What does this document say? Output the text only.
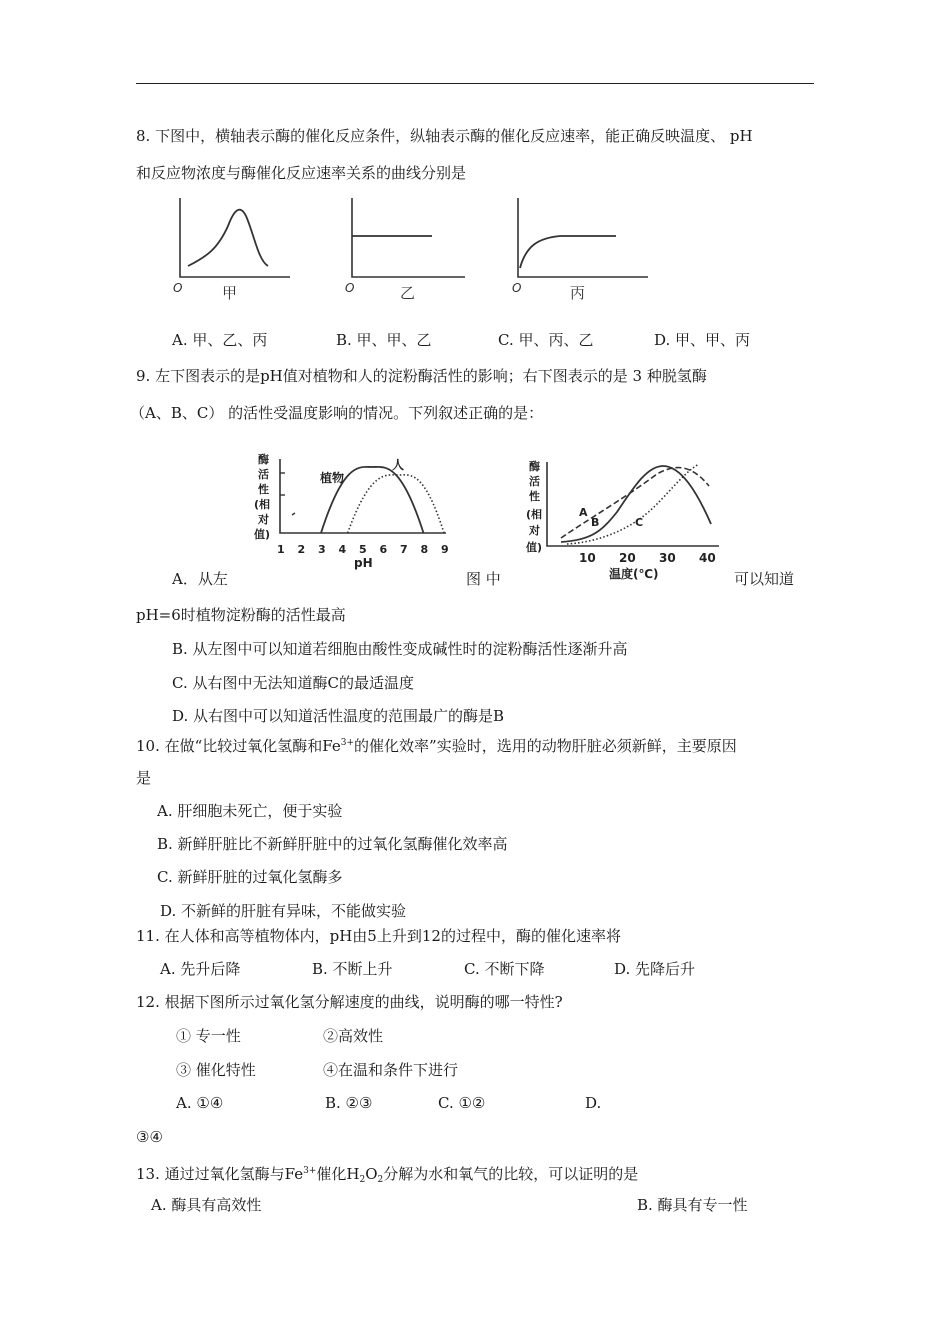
8. 下图中，横轴表示酶的催化反应条件，纵轴表示酶的催化反应速率，能正确反映温度、 pH
和反应物浓度与酶催化反应速率关系的曲线分别是
O	甲	O	乙	O	丙
A. 甲、乙、丙	B. 甲、甲、乙	C. 甲、丙、乙	D. 甲、甲、丙
9. 左下图表示的是pH值对植物和人的淀粉酶活性的影响；右下图表示的是 3 种脱氢酶
（A、B、C） 的活性受温度影响的情况。下列叙述正确的是：
酶
活
性
(相
对
值)
1 2 3 4 5 6 7 8 9
植物
人
pH
酶
活
性
(相
对
值)
10 20 30 40
A
B	C
温度(℃)
A．从左	图 中	可以知道
pH=6时植物淀粉酶的活性最高
B. 从左图中可以知道若细胞由酸性变成碱性时的淀粉酶活性逐渐升高
C. 从右图中无法知道酶C的最适温度
D. 从右图中可以知道活性温度的范围最广的酶是B
10. 在做“比较过氧化氢酶和$Fe^{3+}$的催化效率”实验时，选用的动物肝脏必须新鲜，主要原因
是
A. 肝细胞未死亡，便于实验
B. 新鲜肝脏比不新鲜肝脏中的过氧化氢酶催化效率高
C. 新鲜肝脏的过氧化氢酶多
D. 不新鲜的肝脏有异味，不能做实验
11. 在人体和高等植物体内，pH由5上升到12的过程中，酶的催化速率将
A. 先升后降	B. 不断上升	C. 不断下降	D. 先降后升
12. 根据下图所示过氧化氢分解速度的曲线，说明酶的哪一特性?
① 专一性	②高效性
③ 催化特性	④在温和条件下进行
A. ①④	B. ②③	C. ①②	D.
③④
13. 通过过氧化氢酶与$Fe^{3+}$催化$H_2O_2$分解为水和氧气的比较，可以证明的是
A. 酶具有高效性	B. 酶具有专一性
